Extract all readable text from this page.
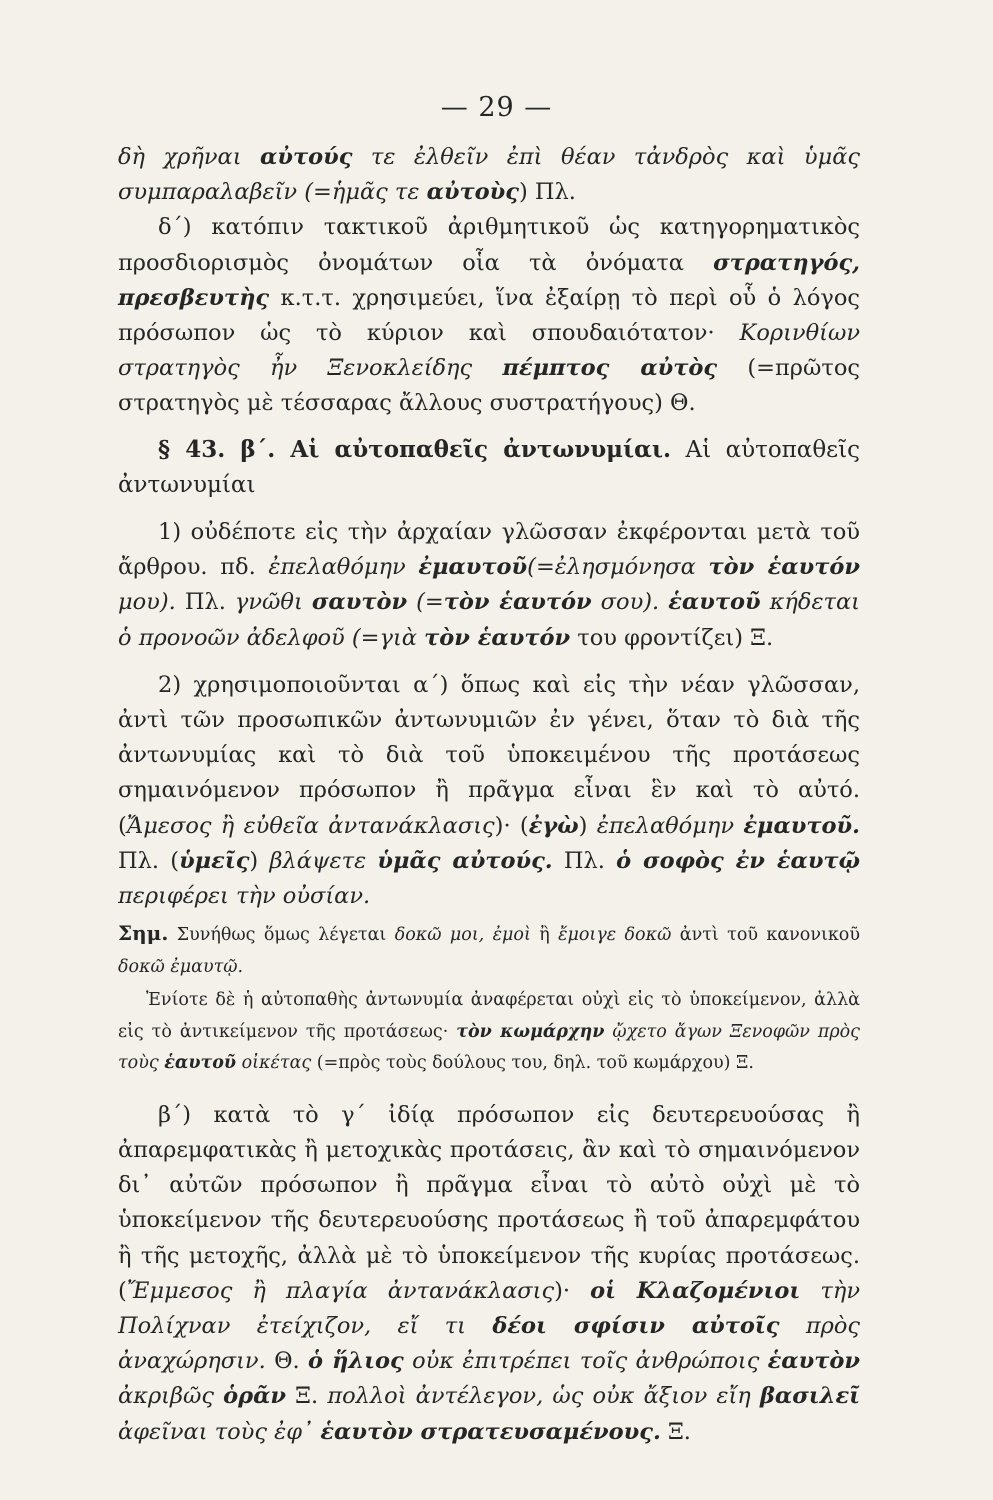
— 29 —

δὴ χρῆναι αὐτούς τε ἐλθεῖν ἐπὶ θέαν τἀνδρὸς καὶ ὑμᾶς συμπαραλαβεῖν (=ἡμᾶς τε αὐτοὺς) Πλ.

δ΄) κατόπιν τακτικοῦ ἀριθμητικοῦ ὡς κατηγορηματικὸς προσδιορισμὸς ὀνομάτων οἷα τὰ ὀνόματα στρατηγός, πρεσβευτὴς κ.τ.τ. χρησιμεύει, ἵνα ἐξαίρῃ τὸ περὶ οὗ ὁ λόγος πρόσωπον ὡς τὸ κύριον καὶ σπουδαιότατον· Κορινθίων στρατηγὸς ἦν Ξενοκλείδης πέμπτος αὐτὸς (=πρῶτος στρατηγὸς μὲ τέσσαρας ἄλλους συστρατήγους) Θ.

§ 43. β΄. Αἱ αὐτοπαθεῖς ἀντωνυμίαι. Αἱ αὐτοπαθεῖς ἀντωνυμίαι

1) οὐδέποτε εἰς τὴν ἀρχαίαν γλῶσσαν ἐκφέρονται μετὰ τοῦ ἄρθρου. πδ. ἐπελαθόμην ἐμαυτοῦ(=ἐλησμόνησα τὸν ἑαυτόν μου). Πλ. γνῶθι σαυτὸν (=τὸν ἑαυτόν σου). ἑαυτοῦ κήδεται ὁ προνοῶν ἀδελφοῦ (=γιὰ τὸν ἑαυτόν του φροντίζει) Ξ.

2) χρησιμοποιοῦνται α΄) ὅπως καὶ εἰς τὴν νέαν γλῶσσαν, ἀντὶ τῶν προσωπικῶν ἀντωνυμιῶν ἐν γένει, ὅταν τὸ διὰ τῆς ἀντωνυμίας καὶ τὸ διὰ τοῦ ὑποκειμένου τῆς προτάσεως σημαινόμενον πρόσωπον ἢ πρᾶγμα εἶναι ἓν καὶ τὸ αὐτό. (Ἄμεσος ἢ εὐθεῖα ἀντανάκλασις)· (ἐγὼ) ἐπελαθόμην ἐμαυτοῦ. Πλ. (ὑμεῖς) βλάψετε ὑμᾶς αὐτούς. Πλ. ὁ σοφὸς ἐν ἑαυτῷ περιφέρει τὴν οὐσίαν.

Σημ. Συνήθως ὅμως λέγεται δοκῶ μοι, ἐμοὶ ἢ ἔμοιγε δοκῶ ἀντὶ τοῦ κανονικοῦ δοκῶ ἐμαυτῷ.

Ἐνίοτε δὲ ἡ αὐτοπαθὴς ἀντωνυμία ἀναφέρεται οὐχὶ εἰς τὸ ὑποκείμενον, ἀλλὰ εἰς τὸ ἀντικείμενον τῆς προτάσεως· τὸν κωμάρχην ᾤχετο ἄγων Ξενοφῶν πρὸς τοὺς ἑαυτοῦ οἰκέτας (=πρὸς τοὺς δούλους του, δηλ. τοῦ κωμάρχου) Ξ.

β΄) κατὰ τὸ γ΄ ἰδίᾳ πρόσωπον εἰς δευτερευούσας ἢ ἀπαρεμφατικὰς ἢ μετοχικὰς προτάσεις, ἂν καὶ τὸ σημαινόμενον δι᾽ αὐτῶν πρόσωπον ἢ πρᾶγμα εἶναι τὸ αὐτὸ οὐχὶ μὲ τὸ ὑποκείμενον τῆς δευτερευούσης προτάσεως ἢ τοῦ ἀπαρεμφάτου ἢ τῆς μετοχῆς, ἀλλὰ μὲ τὸ ὑποκείμενον τῆς κυρίας προτάσεως. (Ἔμμεσος ἢ πλαγία ἀντανάκλασις)· οἱ Κλαζομένιοι τὴν Πολίχναν ἐτείχιζον, εἴ τι δέοι σφίσιν αὐτοῖς πρὸς ἀναχώρησιν. Θ. ὁ ἥλιος οὐκ ἐπιτρέπει τοῖς ἀνθρώποις ἑαυτὸν ἀκριβῶς ὁρᾶν Ξ. πολλοὶ ἀντέλεγον, ὡς οὐκ ἄξιον εἴη βασιλεῖ ἀφεῖναι τοὺς ἐφ᾽ ἑαυτὸν στρατευσαμένους. Ξ.
